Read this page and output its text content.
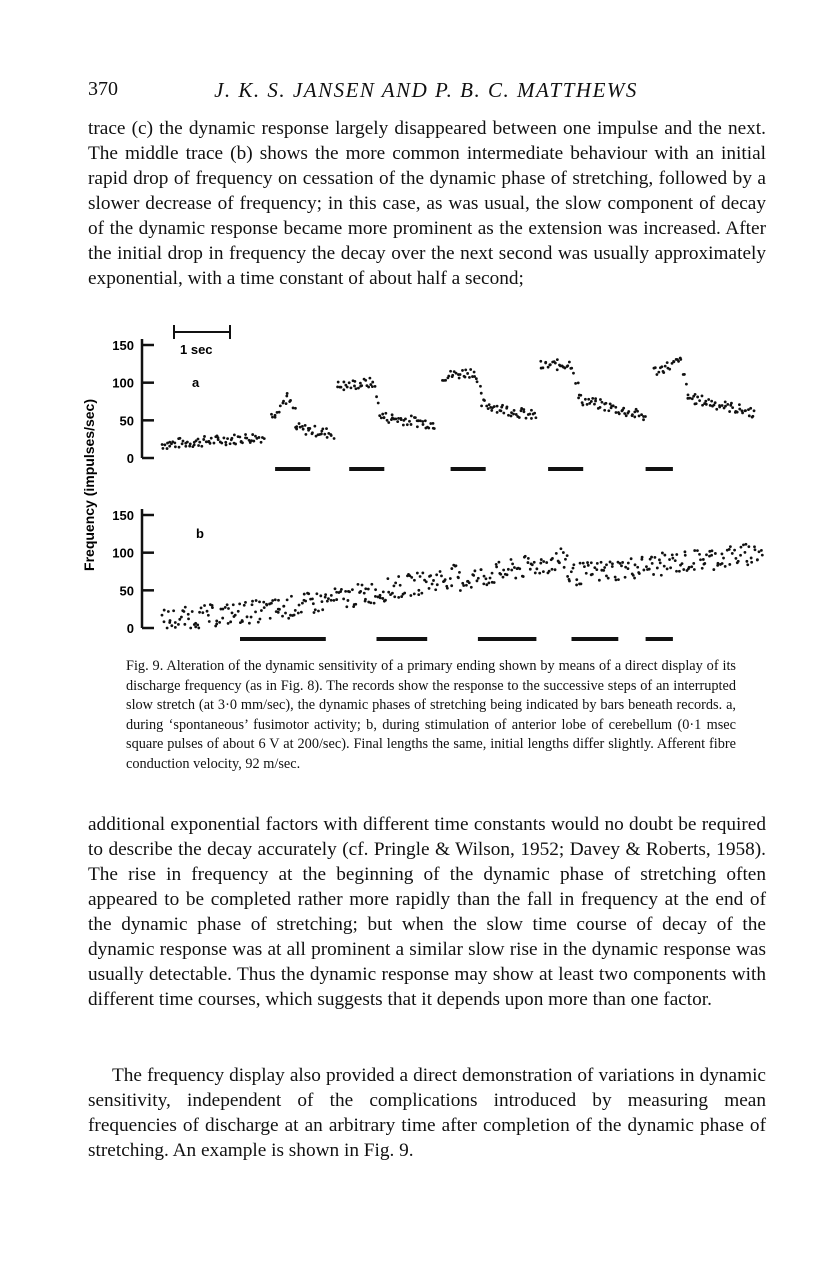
370	J. K. S. JANSEN AND P. B. C. MATTHEWS

trace (c) the dynamic response largely disappeared between one impulse and the next. The middle trace (b) shows the more common intermediate behaviour with an initial rapid drop of frequency on cessation of the dynamic phase of stretching, followed by a slower decrease of frequency; in this case, as was usual, the slow component of decay of the dynamic response became more prominent as the extension was increased. After the initial drop in frequency the decay over the next second was usually approximately exponential, with a time constant of about half a second;

Frequency (impulses/sec)
1 sec
150
100
50
0
a
150
100
50
0
b

Fig. 9. Alteration of the dynamic sensitivity of a primary ending shown by means of a direct display of its discharge frequency (as in Fig. 8). The records show the response to the successive steps of an interrupted slow stretch (at 3·0 mm/sec), the dynamic phases of stretching being indicated by bars beneath records. a, during ‘spontaneous’ fusimotor activity; b, during stimulation of anterior lobe of cerebellum (0·1 msec square pulses of about 6 V at 200/sec). Final lengths the same, initial lengths differ slightly. Afferent fibre conduction velocity, 92 m/sec.

additional exponential factors with different time constants would no doubt be required to describe the decay accurately (cf. Pringle & Wilson, 1952; Davey & Roberts, 1958). The rise in frequency at the beginning of the dynamic phase of stretching often appeared to be completed rather more rapidly than the fall in frequency at the end of the dynamic phase of stretching; but when the slow time course of decay of the dynamic response was at all prominent a similar slow rise in the dynamic response was usually detectable. Thus the dynamic response may show at least two components with different time courses, which suggests that it depends upon more than one factor.

The frequency display also provided a direct demonstration of variations in dynamic sensitivity, independent of the complications introduced by measuring mean frequencies of discharge at an arbitrary time after completion of the dynamic phase of stretching. An example is shown in Fig. 9.
